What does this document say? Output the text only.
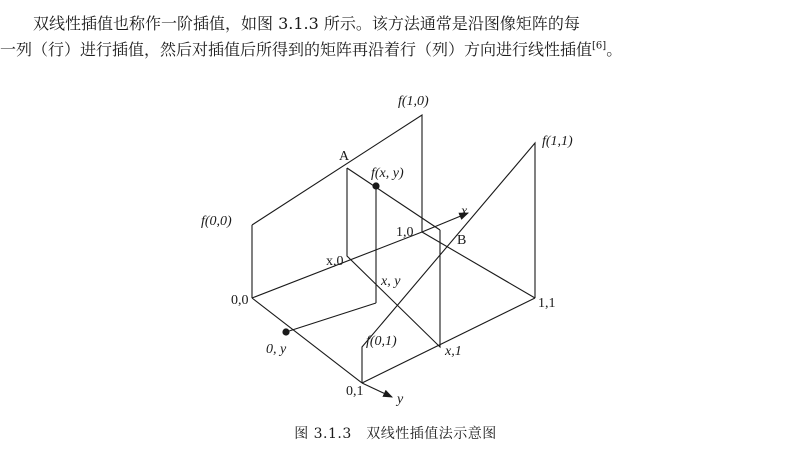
双线性插值也称作一阶插值，如图 3.1.3 所示。该方法通常是沿图像矩阵的每
一列（行）进行插值，然后对插值后所得到的矩阵再沿着行（列）方向进行线性插值[6]。
f(1,0)
f(1,1)
A
f(x, y)
x
f(0,0)
1,0
B
x,0
x, y
0,0	1,1
0, y
f(0,1)
x,1
0,1
y
图 3.1.3　双线性插值法示意图
